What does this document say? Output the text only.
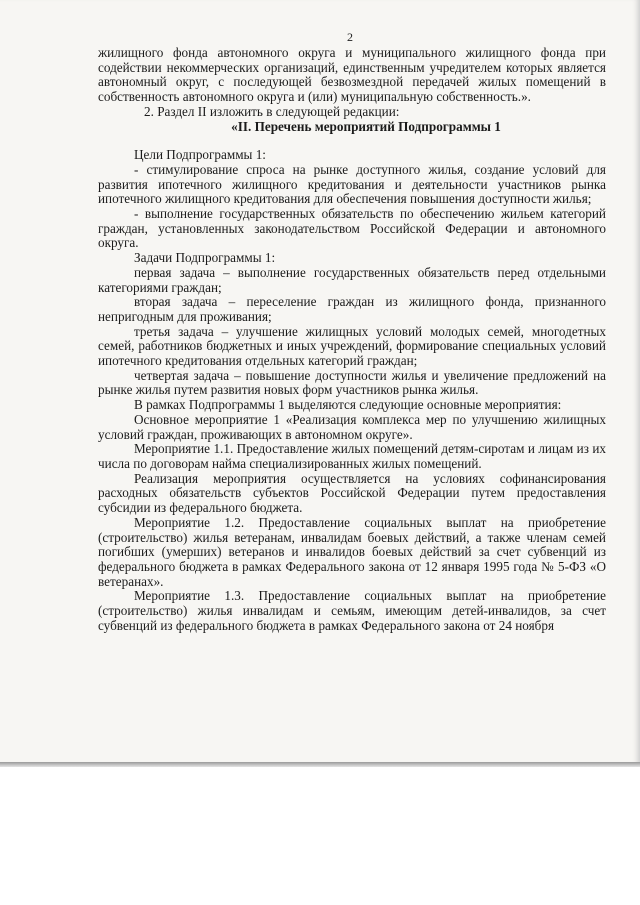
2

жилищного фонда автономного округа и муниципального жилищного фонда при содействии некоммерческих организаций, единственным учредителем которых является автономный округ, с последующей безвозмездной передачей жилых помещений в собственность автономного округа и (или) муниципальную собственность.».

2. Раздел II изложить в следующей редакции:

«II. Перечень мероприятий Подпрограммы 1

Цели Подпрограммы 1:

- стимулирование спроса на рынке доступного жилья, создание условий для развития ипотечного жилищного кредитования и деятельности участников рынка ипотечного жилищного кредитования для обеспечения повышения доступности жилья;

- выполнение государственных обязательств по обеспечению жильем категорий граждан, установленных законодательством Российской Федерации и автономного округа.

Задачи Подпрограммы 1:

первая задача – выполнение государственных обязательств перед отдельными категориями граждан;

вторая задача – переселение граждан из жилищного фонда, признанного непригодным для проживания;

третья задача – улучшение жилищных условий молодых семей, многодетных семей, работников бюджетных и иных учреждений, формирование специальных условий ипотечного кредитования отдельных категорий граждан;

четвертая задача – повышение доступности жилья и увеличение предложений на рынке жилья путем развития новых форм участников рынка жилья.

В рамках Подпрограммы 1 выделяются следующие основные мероприятия:

Основное мероприятие 1 «Реализация комплекса мер по улучшению жилищных условий граждан, проживающих в автономном округе».

Мероприятие 1.1. Предоставление жилых помещений детям-сиротам и лицам из их числа по договорам найма специализированных жилых помещений.

Реализация мероприятия осуществляется на условиях софинансирования расходных обязательств субъектов Российской Федерации путем предоставления субсидии из федерального бюджета.

Мероприятие 1.2. Предоставление социальных выплат на приобретение (строительство) жилья ветеранам, инвалидам боевых действий, а также членам семей погибших (умерших) ветеранов и инвалидов боевых действий за счет субвенций из федерального бюджета в рамках Федерального закона от 12 января 1995 года № 5-ФЗ «О ветеранах».

Мероприятие 1.3. Предоставление социальных выплат на приобретение (строительство) жилья инвалидам и семьям, имеющим детей-инвалидов, за счет субвенций из федерального бюджета в рамках Федерального закона от 24 ноября
